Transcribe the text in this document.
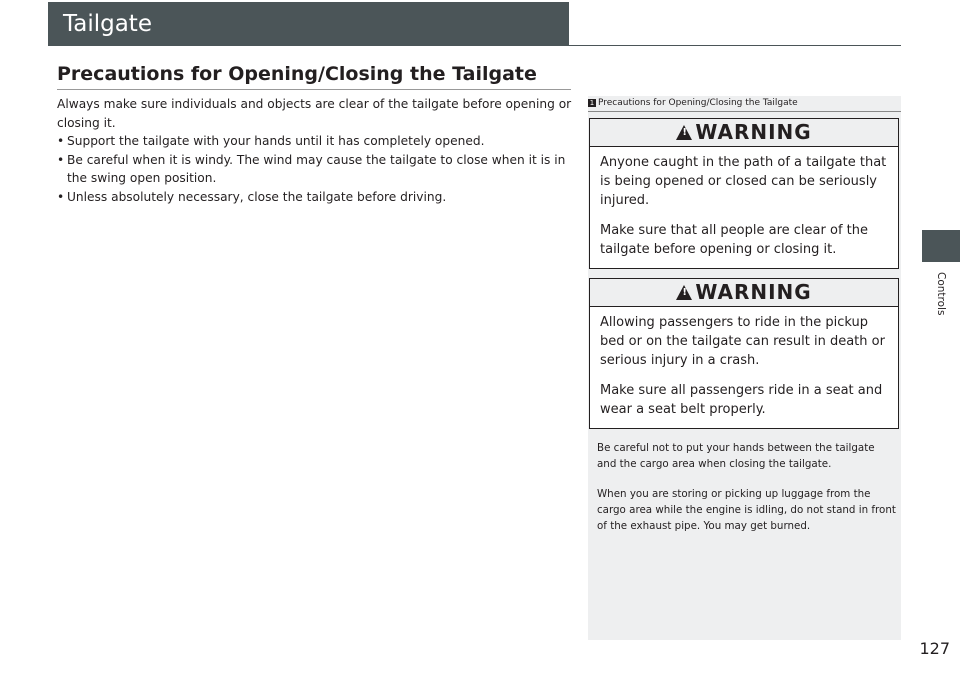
Tailgate
Precautions for Opening/Closing the Tailgate

Always make sure individuals and objects are clear of the tailgate before opening or closing it.

• Support the tailgate with your hands until it has completely opened.
• Be careful when it is windy. The wind may cause the tailgate to close when it is in the swing open position.
• Unless absolutely necessary, close the tailgate before driving.
1 Precautions for Opening/Closing the Tailgate
!WARNING

Anyone caught in the path of a tailgate that is being opened or closed can be seriously injured.

Make sure that all people are clear of the tailgate before opening or closing it.

!WARNING

Allowing passengers to ride in the pickup bed or on the tailgate can result in death or serious injury in a crash.

Make sure all passengers ride in a seat and wear a seat belt properly.

Be careful not to put your hands between the tailgate and the cargo area when closing the tailgate.

When you are storing or picking up luggage from the cargo area while the engine is idling, do not stand in front of the exhaust pipe. You may get burned.

Controls
127
